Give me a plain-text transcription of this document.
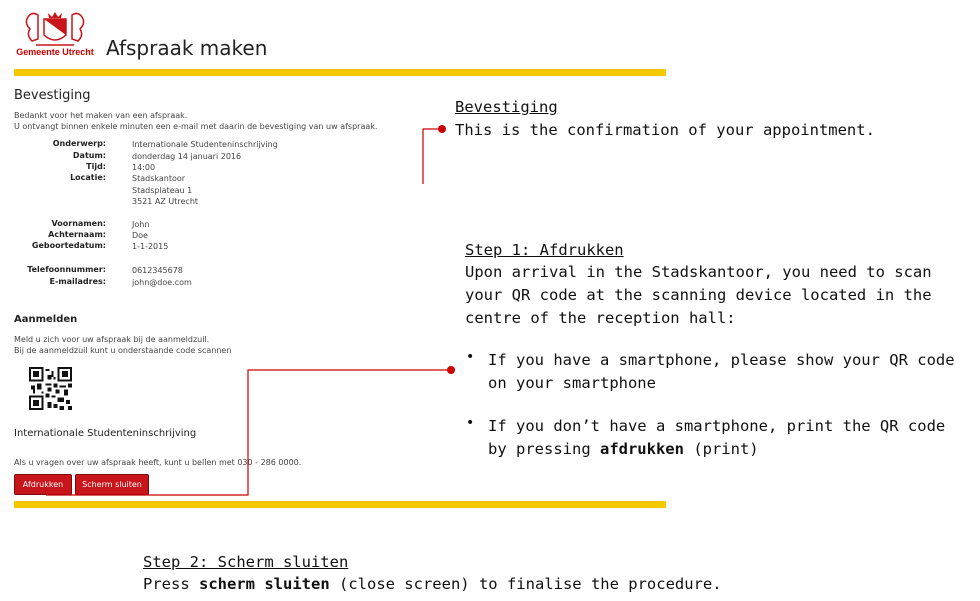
Gemeente Utrecht Afspraak maken
Bevestiging
Bedankt voor het maken van een afspraak.
U ontvangt binnen enkele minuten een e-mail met daarin de bevestiging van uw afspraak.
Onderwerp:	Internationale Studenteninschrijving
Datum:	donderdag 14 januari 2016
Tijd:	14:00
Locatie:	Stadskantoor
Stadsplateau 1
3521 AZ Utrecht
Voornamen:	John
Achternaam:	Doe
Geboortedatum:	1-1-2015
Telefoonnummer:	0612345678
E-mailadres:	john@doe.com
Aanmelden
Meld u zich voor uw afspraak bij de aanmeldzuil.
Bij de aanmeldzuil kunt u onderstaande code scannen
Internationale Studenteninschrijving
Als u vragen over uw afspraak heeft, kunt u bellen met 030 - 286 0000.
Afdrukken	Scherm sluiten
Bevestiging
This is the confirmation of your appointment.
Step 1: Afdrukken
Upon arrival in the Stadskantoor, you need to scan
your QR code at the scanning device located in the
centre of the reception hall:
• If you have a smartphone, please show your QR code
on your smartphone
• If you don’t have a smartphone, print the QR code
by pressing afdrukken (print)
Step 2: Scherm sluiten
Press scherm sluiten (close screen) to finalise the procedure.
